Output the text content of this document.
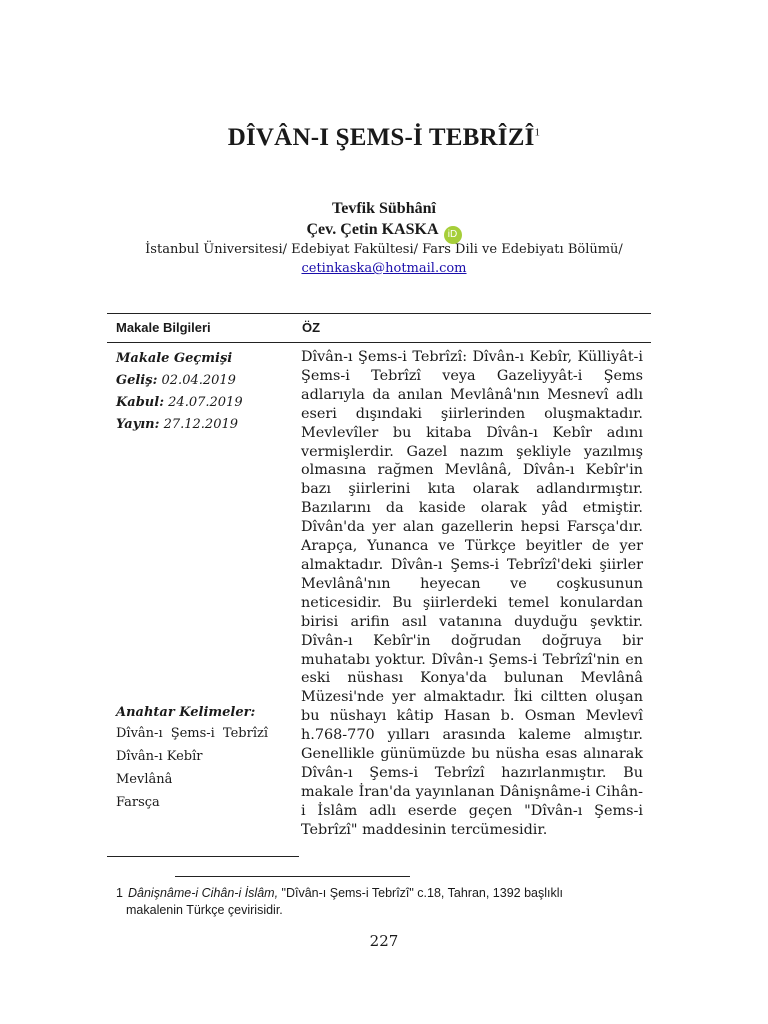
DÎVÂN-I ŞEMS-İ TEBRÎZÎ$^1$
Tevfik Sübhânî
Çev. Çetin KASKA iD
İstanbul Üniversitesi/ Edebiyat Fakültesi/ Fars Dili ve Edebiyatı Bölümü/
cetinkaska@hotmail.com
Makale Bilgileri	ÖZ
Makale Geçmişi
Geliş: 02.04.2019
Kabul: 24.07.2019
Yayın: 27.12.2019
Dîvân-ı Şems-i Tebrîzî: Dîvân-ı Kebîr, Külliyât-i Şems-i Tebrîzî veya Gazeliyyât-i Şems adlarıyla da anılan Mevlânâ'nın Mesnevî adlı eseri dışındaki şiirlerinden oluşmaktadır. Mevlevîler bu kitaba Dîvân-ı Kebîr adını vermişlerdir. Gazel nazım şekliyle yazılmış olmasına rağmen Mevlânâ, Dîvân-ı Kebîr'in bazı şiirlerini kıta olarak adlandırmıştır. Bazılarını da kaside olarak yâd etmiştir. Dîvân'da yer alan gazellerin hepsi Farsça'dır. Arapça, Yunanca ve Türkçe beyitler de yer almaktadır. Dîvân-ı Şems-i Tebrîzî'deki şiirler Mevlânâ'nın heyecan ve coşkusunun neticesidir. Bu şiirlerdeki temel konulardan birisi arifin asıl vatanına duyduğu şevktir. Dîvân-ı Kebîr'in doğrudan doğruya bir muhatabı yoktur. Dîvân-ı Şems-i Tebrîzî'nin en eski nüshası Konya'da bulunan Mevlânâ Müzesi'nde yer almaktadır. İki ciltten oluşan bu nüshayı kâtip Hasan b. Osman Mevlevî h.768-770 yılları arasında kaleme almıştır. Genellikle günümüzde bu nüsha esas alınarak Dîvân-ı Şems-i Tebrîzî hazırlanmıştır. Bu makale İran'da yayınlanan Dânişnâme-i Cihân-i İslâm adlı eserde geçen "Dîvân-ı Şems-i Tebrîzî" maddesinin tercümesidir.
Anahtar Kelimeler:
Dîvân-ı Şems-i Tebrîzî
Dîvân-ı Kebîr
Mevlânâ
Farsça
1 Dânişnâme-i Cihân-i İslâm, "Dîvân-ı Şems-i Tebrîzî" c.18, Tahran, 1392 başlıklı
makalenin Türkçe çevirisidir.
227
